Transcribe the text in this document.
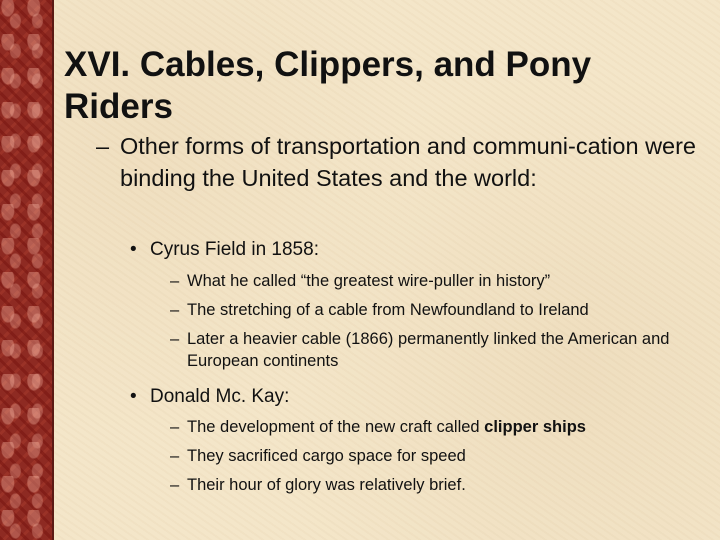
XVI. Cables, Clippers, and Pony Riders
– Other forms of transportation and communi-cation were binding the United States and the world:
• Cyrus Field in 1858:
– What he called “the greatest wire-puller in history”
– The stretching of a cable from Newfoundland to Ireland
– Later a heavier cable (1866) permanently linked the American and European continents
• Donald Mc. Kay:
– The development of the new craft called clipper ships
– They sacrificed cargo space for speed
– Their hour of glory was relatively brief.
